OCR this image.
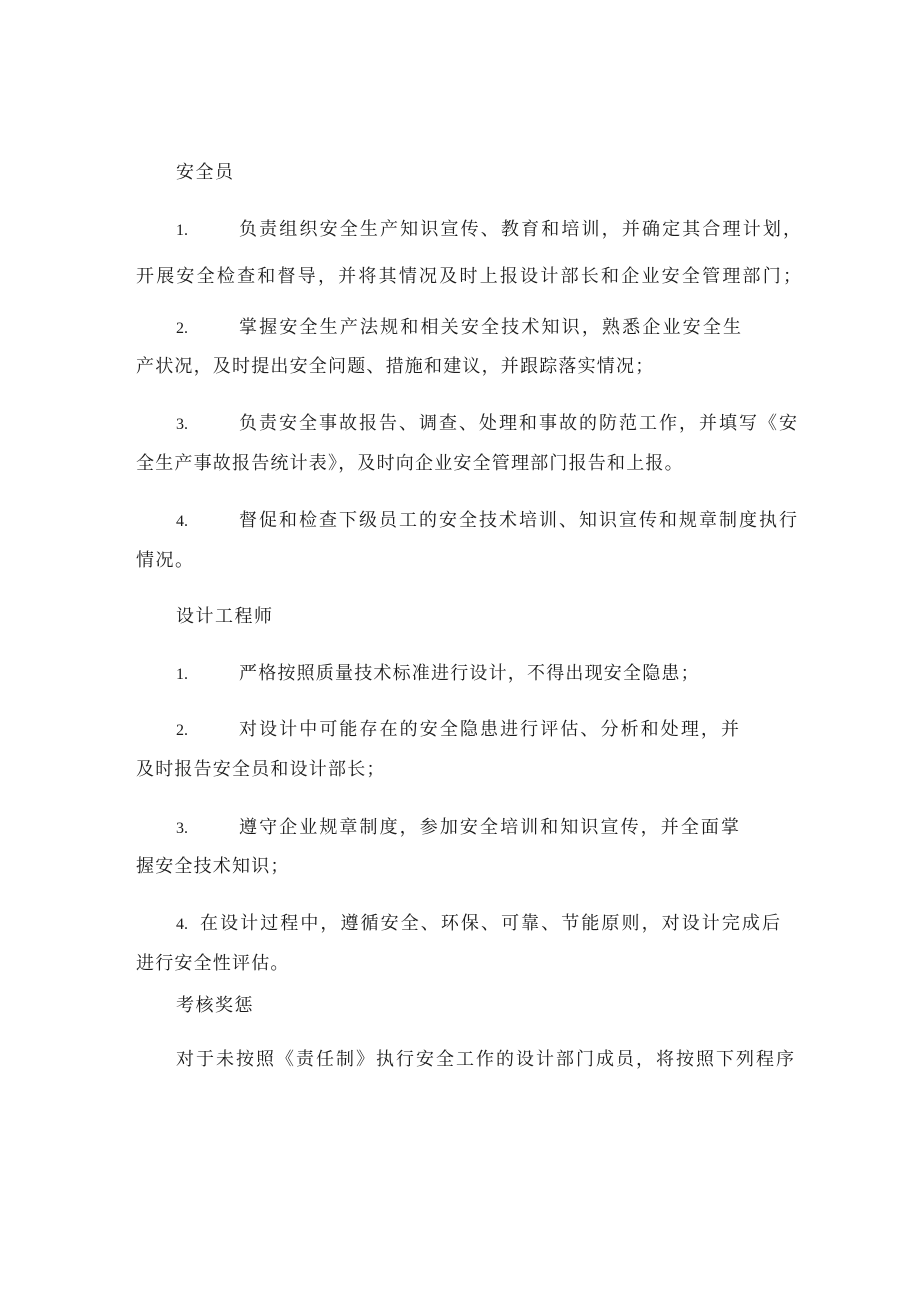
安全员
1.	负责组织安全生产知识宣传、教育和培训，并确定其合理计划，
开展安全检查和督导，并将其情况及时上报设计部长和企业安全管理部门；
2.	掌握安全生产法规和相关安全技术知识，熟悉企业安全生
产状况，及时提出安全问题、措施和建议，并跟踪落实情况；
3.	负责安全事故报告、调查、处理和事故的防范工作，并填写《安
全生产事故报告统计表》，及时向企业安全管理部门报告和上报。
4.	督促和检查下级员工的安全技术培训、知识宣传和规章制度执行
情况。
设计工程师
1.	严格按照质量技术标准进行设计，不得出现安全隐患；
2.	对设计中可能存在的安全隐患进行评估、分析和处理，并
及时报告安全员和设计部长；
3.	遵守企业规章制度，参加安全培训和知识宣传，并全面掌
握安全技术知识；
4. 在设计过程中，遵循安全、环保、可靠、节能原则，对设计完成后
进行安全性评估。
考核奖惩
对于未按照《责任制》执行安全工作的设计部门成员，将按照下列程序
